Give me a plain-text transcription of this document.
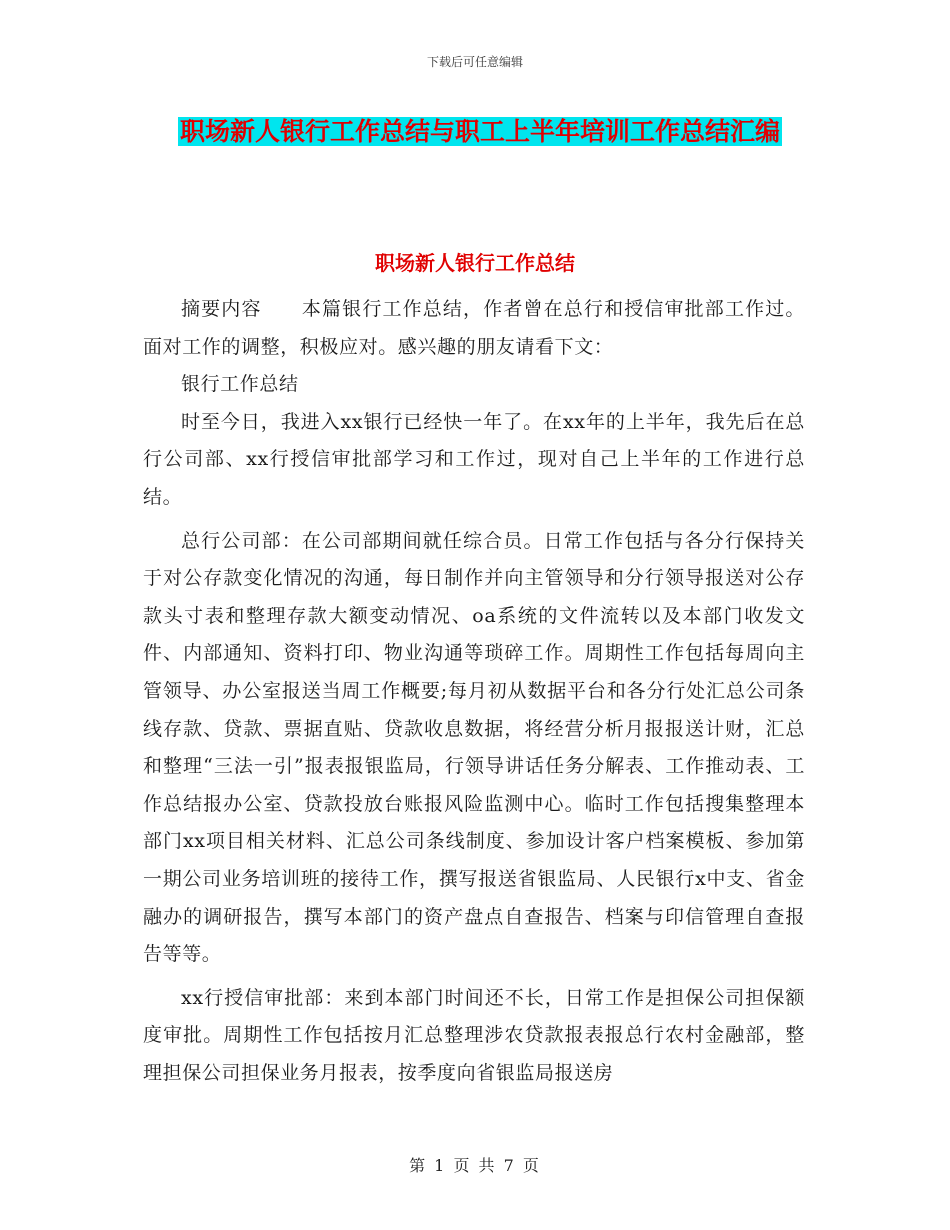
下载后可任意编辑
职场新人银行工作总结与职工上半年培训工作总结汇编
职场新人银行工作总结

摘要内容　　本篇银行工作总结，作者曾在总行和授信审批部工作过。面对工作的调整，积极应对。感兴趣的朋友请看下文：

银行工作总结

时至今日，我进入xx银行已经快一年了。在xx年的上半年，我先后在总行公司部、xx行授信审批部学习和工作过，现对自己上半年的工作进行总结。

总行公司部：在公司部期间就任综合员。日常工作包括与各分行保持关于对公存款变化情况的沟通，每日制作并向主管领导和分行领导报送对公存款头寸表和整理存款大额变动情况、oa系统的文件流转以及本部门收发文件、内部通知、资料打印、物业沟通等琐碎工作。周期性工作包括每周向主管领导、办公室报送当周工作概要;每月初从数据平台和各分行处汇总公司条线存款、贷款、票据直贴、贷款收息数据，将经营分析月报报送计财，汇总和整理“三法一引”报表报银监局，行领导讲话任务分解表、工作推动表、工作总结报办公室、贷款投放台账报风险监测中心。临时工作包括搜集整理本部门xx项目相关材料、汇总公司条线制度、参加设计客户档案模板、参加第一期公司业务培训班的接待工作，撰写报送省银监局、人民银行x中支、省金融办的调研报告，撰写本部门的资产盘点自查报告、档案与印信管理自查报告等等。

xx行授信审批部：来到本部门时间还不长，日常工作是担保公司担保额度审批。周期性工作包括按月汇总整理涉农贷款报表报总行农村金融部，整理担保公司担保业务月报表，按季度向省银监局报送房

第 1 页 共 7 页
